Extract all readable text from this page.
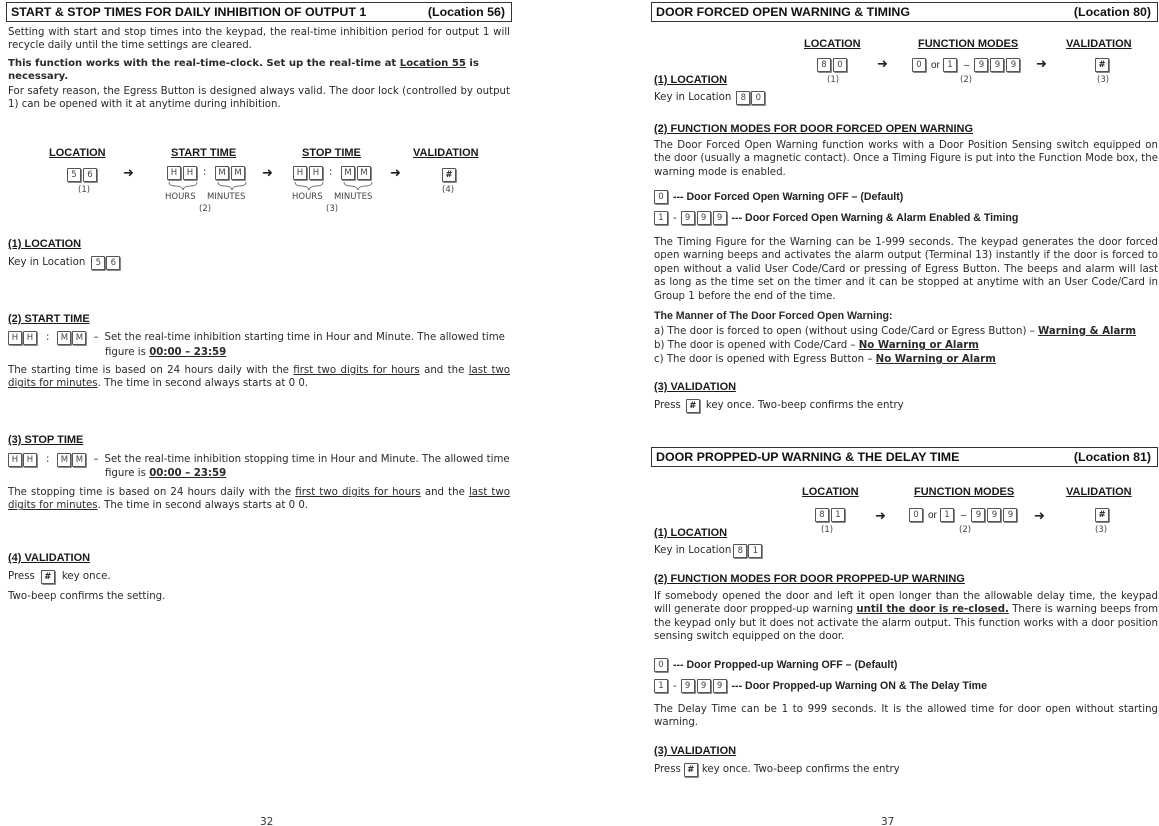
START & STOP TIMES FOR DAILY INHIBITION OF OUTPUT 1	(Location 56)
Setting with start and stop times into the keypad, the real-time inhibition period for output 1 will recycle daily until the time settings are cleared.
This function works with the real-time-clock. Set up the real-time at Location 55 is necessary.
For safety reason, the Egress Button is designed always valid. The door lock (controlled by output 1) can be opened with it at anytime during inhibition.
LOCATION	START TIME	STOP TIME	VALIDATION
5	6
(1)
➜	H	H :	M	M
HOURS MINUTES
(2)
➜	H	H :	M	M
HOURS MINUTES
(3)
➜	#
(4)
(1) LOCATION
Key in Location	5	6
(2) START TIME
H	H	:	M M	– Set the real-time inhibition starting time in Hour and Minute. The allowed time
figure is 00:00 – 23:59
The starting time is based on 24 hours daily with the first two digits for hours and the last two digits for minutes. The time in second always starts at 0 0.
(3) STOP TIME
H	H	:	M M	– Set the real-time inhibition stopping time in Hour and Minute. The allowed time
figure is 00:00 – 23:59
The stopping time is based on 24 hours daily with the first two digits for hours and the last two digits for minutes. The time in second always starts at 0 0.
(4) VALIDATION
Press	#	key once.
Two-beep confirms the setting.
32
DOOR FORCED OPEN WARNING & TIMING	(Location 80)
LOCATION	FUNCTION MODES	VALIDATION
8	0
(1)
➜	0 or 1	–	9	9	9
(2)
➜	#
(3)
(1) LOCATION
Key in Location	8	0
(2) FUNCTION MODES FOR DOOR FORCED OPEN WARNING
The Door Forced Open Warning function works with a Door Position Sensing switch equipped on the door (usually a magnetic contact). Once a Timing Figure is put into the Function Mode box, the warning mode is enabled.
0 --- Door Forced Open Warning OFF – (Default)
1 - 9	9	9 --- Door Forced Open Warning & Alarm Enabled & Timing
The Timing Figure for the Warning can be 1-999 seconds. The keypad generates the door forced open warning beeps and activates the alarm output (Terminal 13) instantly if the door is forced to open without a valid User Code/Card or pressing of Egress Button. The beeps and alarm will last as long as the time set on the timer and it can be stopped at anytime with an User Code/Card in Group 1 before the end of the time.
The Manner of The Door Forced Open Warning:
a) The door is forced to open (without using Code/Card or Egress Button) – Warning & Alarm
b) The door is opened with Code/Card – No Warning or Alarm
c) The door is opened with Egress Button – No Warning or Alarm
(3) VALIDATION
Press # key once. Two-beep confirms the entry
DOOR PROPPED-UP WARNING & THE DELAY TIME	(Location 81)
LOCATION	FUNCTION MODES	VALIDATION
8	1
(1)
➜	0 or 1	–	9	9	9
(2)
➜	#
(3)
(1) LOCATION
Key in Location 8	1
(2) FUNCTION MODES FOR DOOR PROPPED-UP WARNING
If somebody opened the door and left it open longer than the allowable delay time, the keypad will generate door propped-up warning until the door is re-closed. There is warning beeps from the keypad only but it does not activate the alarm output. This function works with a door position sensing switch equipped on the door.
0 --- Door Propped-up Warning OFF – (Default)
1 - 9	9	9 --- Door Propped-up Warning ON & The Delay Time
The Delay Time can be 1 to 999 seconds. It is the allowed time for door open without starting warning.
(3) VALIDATION
Press # key once. Two-beep confirms the entry
37
